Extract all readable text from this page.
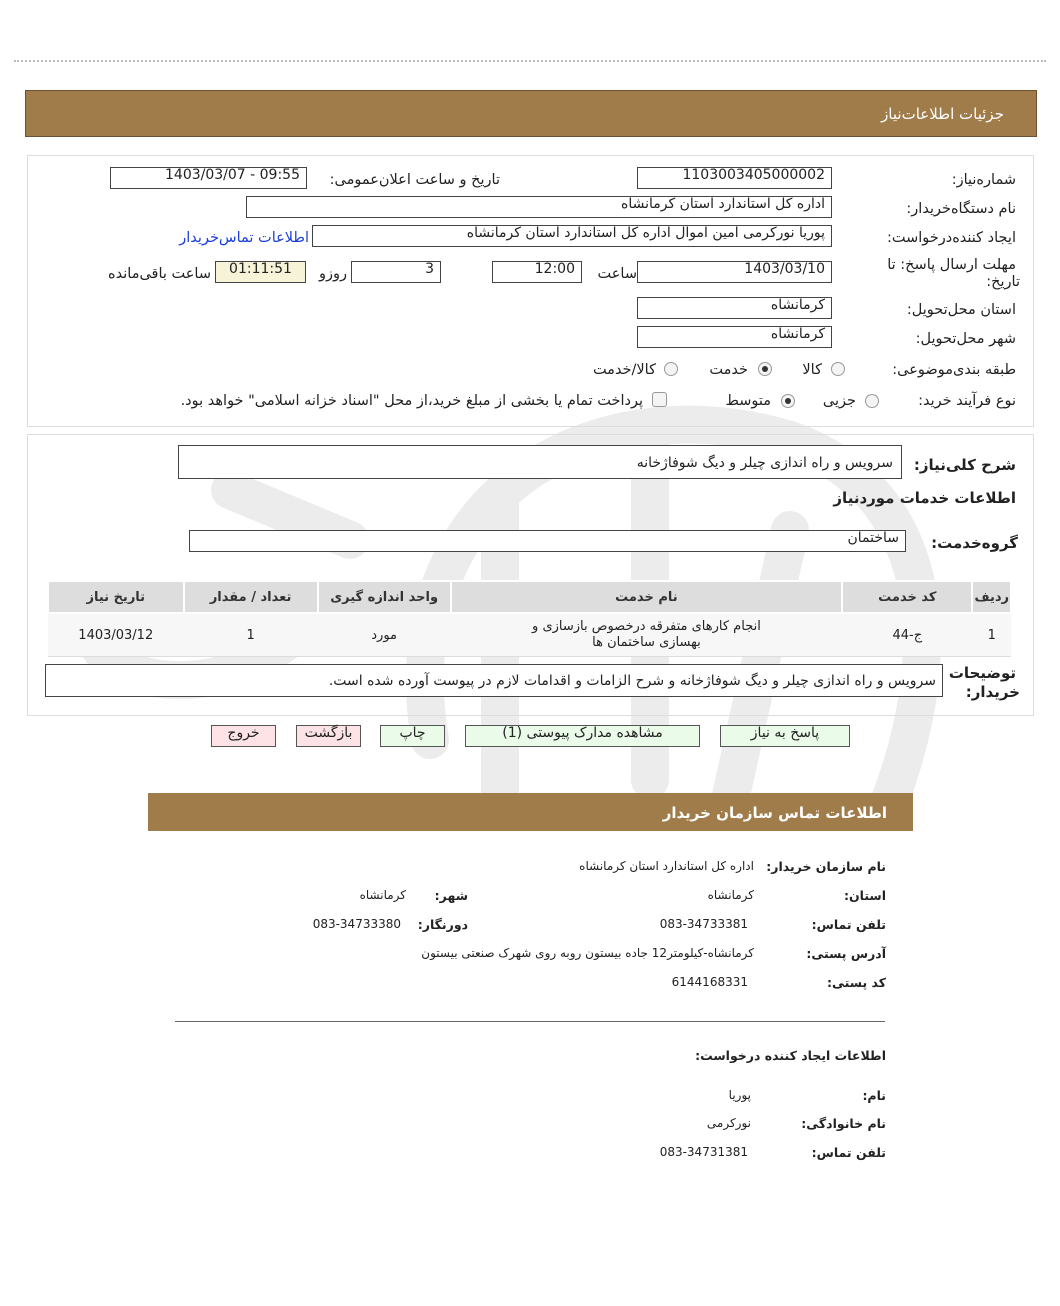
جزئیات اطلاعات‌نیاز
شماره‌نیاز:
1103003405000002
تاریخ و ساعت اعلان‌عمومی:
1403/03/07 - 09:55
نام دستگاه‌خریدار:
اداره کل استاندارد استان کرمانشاه
ایجاد کننده‌درخواست:
پوریا نورکرمی امین اموال اداره کل استاندارد استان کرمانشاه
اطلاعات تماس‌خریدار
مهلت ارسال پاسخ: تا
تاریخ:
1403/03/10
ساعت
12:00
3
روزو
01:11:51
ساعت باقی‌مانده
استان محل‌تحویل:
کرمانشاه
شهر محل‌تحویل:
کرمانشاه
طبقه بندی‌موضوعی:
کالا
خدمت
کالا/خدمت
نوع فرآیند خرید:
جزیی
متوسط
پرداخت تمام یا بخشی از مبلغ خرید،از محل "اسناد خزانه اسلامی" خواهد بود.
شرح کلی‌نیاز:
سرویس و راه اندازی چیلر و دیگ شوفاژخانه
اطلاعات خدمات موردنیاز
گروه‌خدمت:
ساختمان
ردیف	کد خدمت	نام خدمت	واحد اندازه گیری	تعداد / مقدار	تاریخ نیاز
1	ج-44	انجام کارهای متفرقه درخصوص بازسازی و بهسازی ساختمان ها	مورد	1	1403/03/12
توضیحات
خریدار:
سرویس و راه اندازی چیلر و دیگ شوفاژخانه و شرح الزامات و اقدامات لازم در پیوست آورده شده است.
پاسخ به نیاز
مشاهده مدارک پیوستی (1)
چاپ
بازگشت
خروج
اطلاعات تماس سازمان خریدار
نام سازمان خریدار:
اداره کل استاندارد استان کرمانشاه
استان:
کرمانشاه
شهر:
کرمانشاه
تلفن تماس:
083-34733381
دورنگار:
083-34733380
آدرس پستی:
کرمانشاه-کیلومتر12 جاده بیستون روبه روی شهرک صنعتی بیستون
کد پستی:
6144168331
اطلاعات ایجاد کننده درخواست:
نام:
پوریا
نام خانوادگی:
نورکرمی
تلفن تماس:
083-34731381
